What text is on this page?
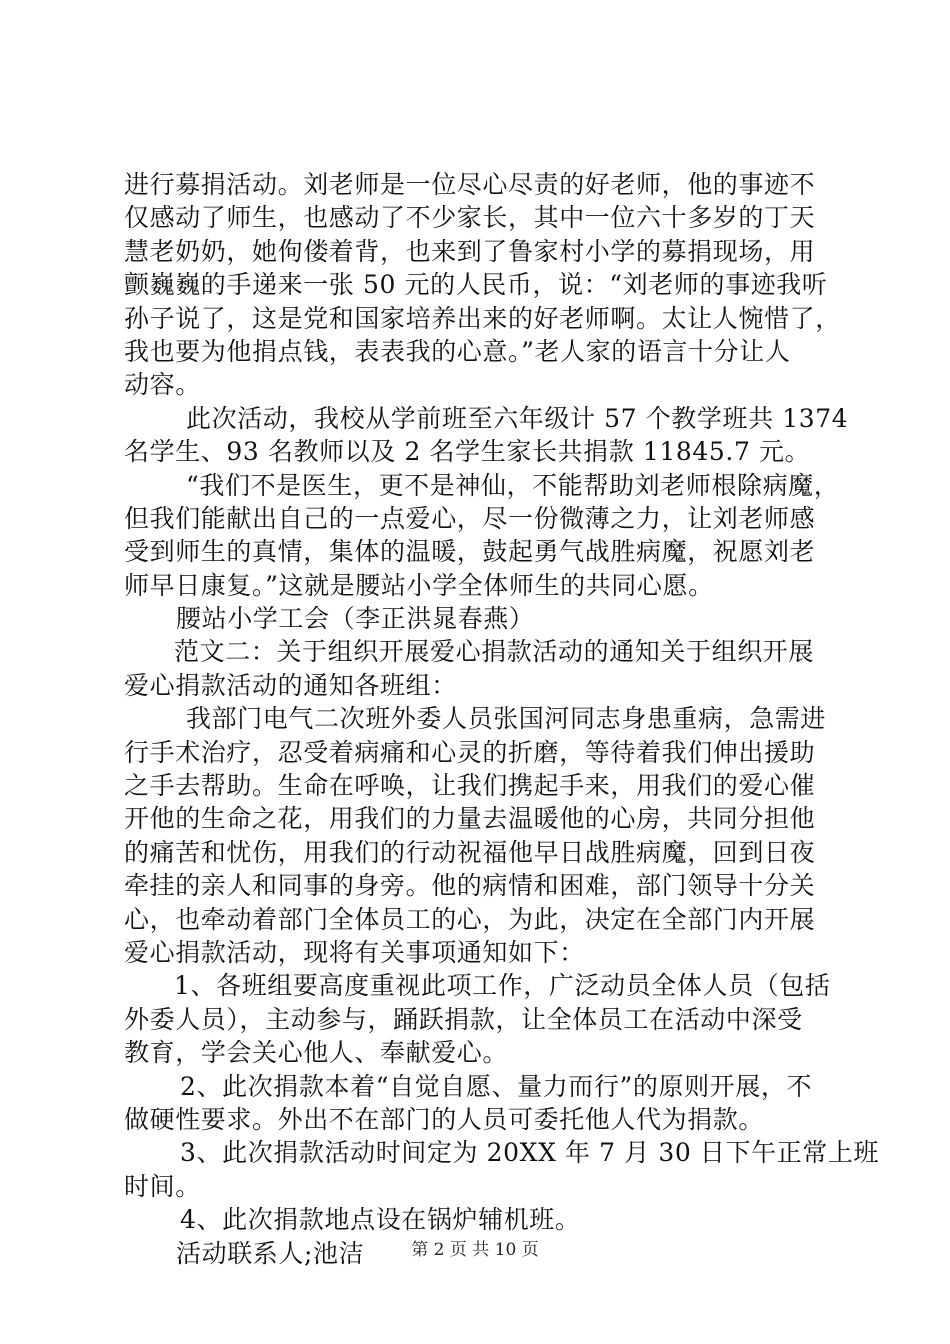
进行募捐活动。刘老师是一位尽心尽责的好老师，他的事迹不
仅感动了师生，也感动了不少家长，其中一位六十多岁的丁天
慧老奶奶，她佝偻着背，也来到了鲁家村小学的募捐现场，用
颤巍巍的手递来一张 50 元的人民币，说：“刘老师的事迹我听
孙子说了，这是党和国家培养出来的好老师啊。太让人惋惜了，
我也要为他捐点钱，表表我的心意。”老人家的语言十分让人
动容。
此次活动，我校从学前班至六年级计 57 个教学班共 1374
名学生、93 名教师以及 2 名学生家长共捐款 11845.7 元。
“我们不是医生，更不是神仙，不能帮助刘老师根除病魔，
但我们能献出自己的一点爱心，尽一份微薄之力，让刘老师感
受到师生的真情，集体的温暖，鼓起勇气战胜病魔，祝愿刘老
师早日康复。”这就是腰站小学全体师生的共同心愿。
腰站小学工会（李正洪晁春燕）
范文二：关于组织开展爱心捐款活动的通知关于组织开展
爱心捐款活动的通知各班组：
我部门电气二次班外委人员张国河同志身患重病，急需进
行手术治疗，忍受着病痛和心灵的折磨，等待着我们伸出援助
之手去帮助。生命在呼唤，让我们携起手来，用我们的爱心催
开他的生命之花，用我们的力量去温暖他的心房，共同分担他
的痛苦和忧伤，用我们的行动祝福他早日战胜病魔，回到日夜
牵挂的亲人和同事的身旁。他的病情和困难，部门领导十分关
心，也牵动着部门全体员工的心，为此，决定在全部门内开展
爱心捐款活动，现将有关事项通知如下：
1、各班组要高度重视此项工作，广泛动员全体人员（包括
外委人员），主动参与，踊跃捐款，让全体员工在活动中深受
教育，学会关心他人、奉献爱心。
2、此次捐款本着“自觉自愿、量力而行”的原则开展，不
做硬性要求。外出不在部门的人员可委托他人代为捐款。
3、此次捐款活动时间定为 20XX 年 7 月 30 日下午正常上班
时间。
4、此次捐款地点设在锅炉辅机班。
活动联系人;池洁	第 2 页 共 10 页
